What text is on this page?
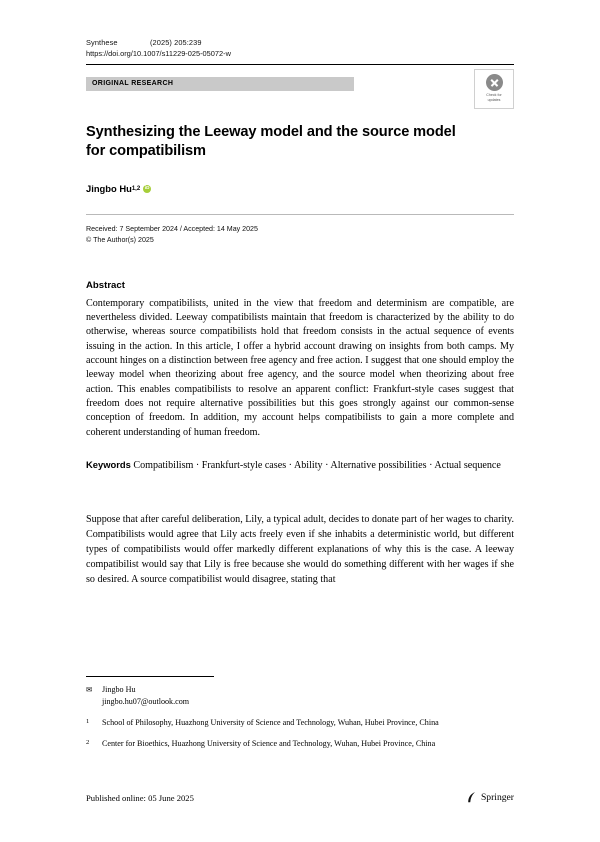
Synthese	(2025) 205:239
https://doi.org/10.1007/s11229-025-05072-w
ORIGINAL RESEARCH
Check for
updates
Synthesizing the Leeway model and the source model for compatibilism
Jingbo Hu 1,2
iD
Received: 7 September 2024 / Accepted: 14 May 2025
© The Author(s) 2025
Abstract

Contemporary compatibilists, united in the view that freedom and determinism are compatible, are nevertheless divided. Leeway compatibilists maintain that freedom is characterized by the ability to do otherwise, whereas source compatibilists hold that freedom consists in the actual sequence of events issuing in the action. In this article, I offer a hybrid account drawing on insights from both camps. My account hinges on a distinction between free agency and free action. I suggest that one should employ the leeway model when theorizing about free agency, and the source model when theorizing about free action. This enables compatibilists to resolve an apparent conflict: Frankfurt-style cases suggest that freedom does not require alternative possibilities but this goes strongly against our common-sense conception of freedom. In addition, my account helps compatibilists to gain a more complete and coherent understanding of human freedom.

Keywords Compatibilism · Frankfurt-style cases · Ability · Alternative possibilities · Actual sequence

Suppose that after careful deliberation, Lily, a typical adult, decides to donate part of her wages to charity. Compatibilists would agree that Lily acts freely even if she inhabits a deterministic world, but different types of compatibilists would offer markedly different explanations of why this is the case. A leeway compatibilist would say that Lily is free because she would do something different with her wages if she so desired. A source compatibilist would disagree, stating that

✉	Jingbo Hu
jingbo.hu07@outlook.com
1	School of Philosophy, Huazhong University of Science and Technology, Wuhan, Hubei Province, China
2	Center for Bioethics, Huazhong University of Science and Technology, Wuhan, Hubei Province, China
Published online: 05 June 2025	Springer
